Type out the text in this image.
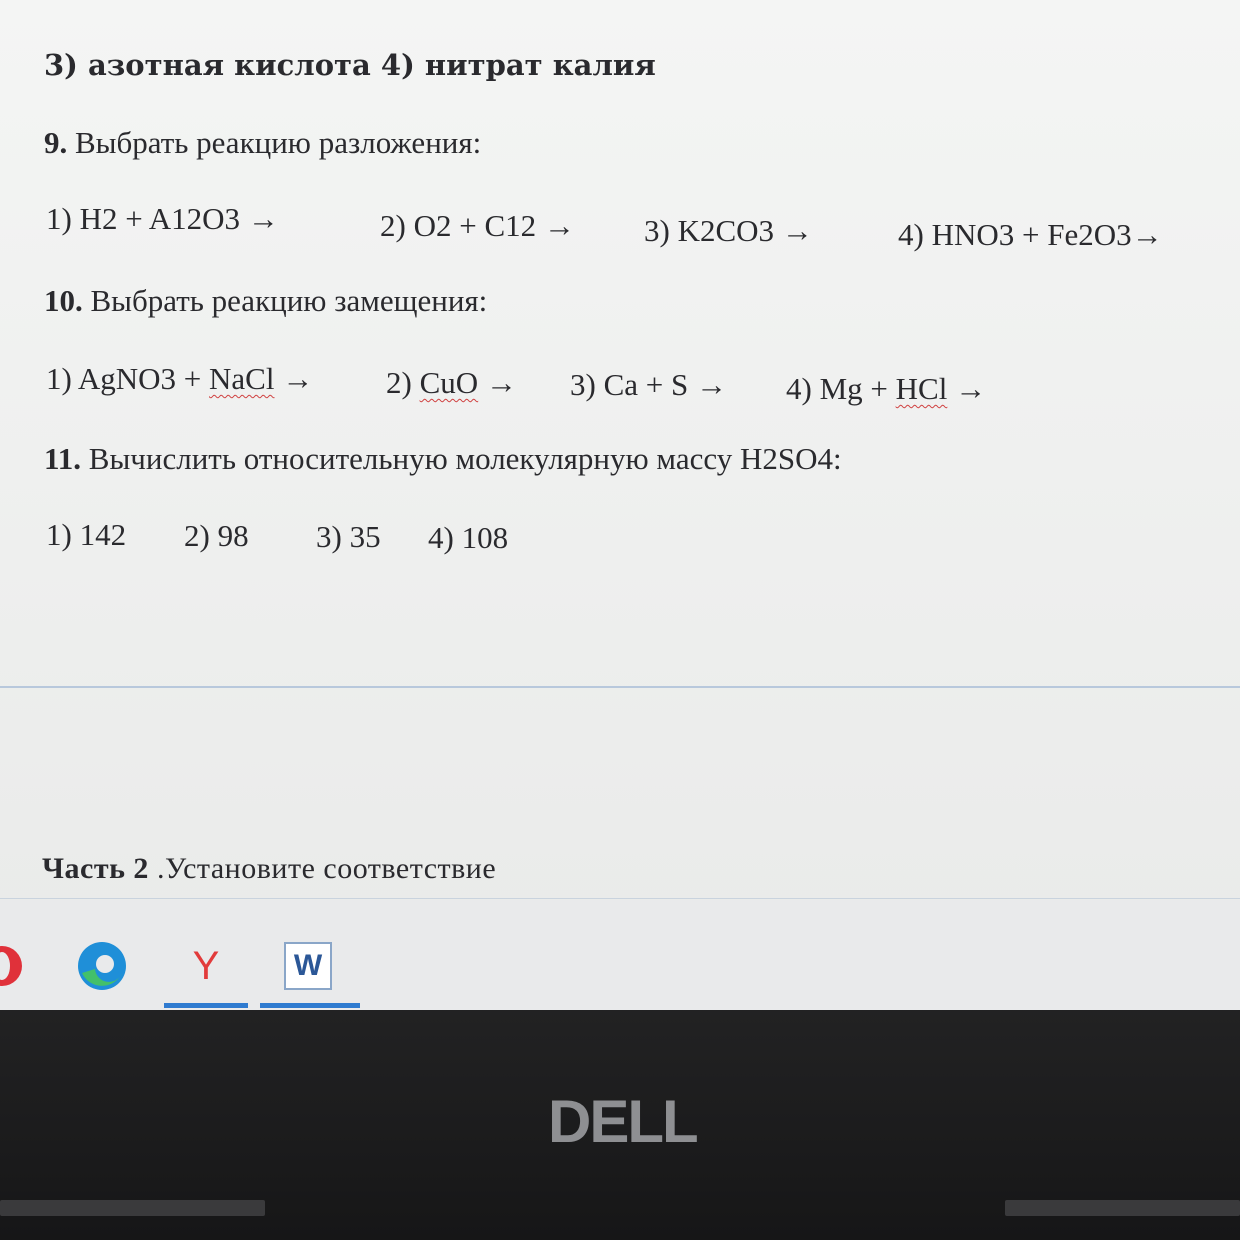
3) азотная кислота 4) нитрат калия
9. Выбрать реакцию разложения:
1) H2 + A12O3 →	2) O2 + C12 → 3) K2CO3 →	4) HNO3 + Fe2O3→
10. Выбрать реакцию замещения:
1) AgNO3 + NaCl → 2) CuO → 3) Ca + S → 4) Mg + HCl →
11. Вычислить относительную молекулярную массу H2SO4:
1) 142 2) 98 3) 35 4) 108
Часть 2 .Установите соответствие
Y	W
DELL
